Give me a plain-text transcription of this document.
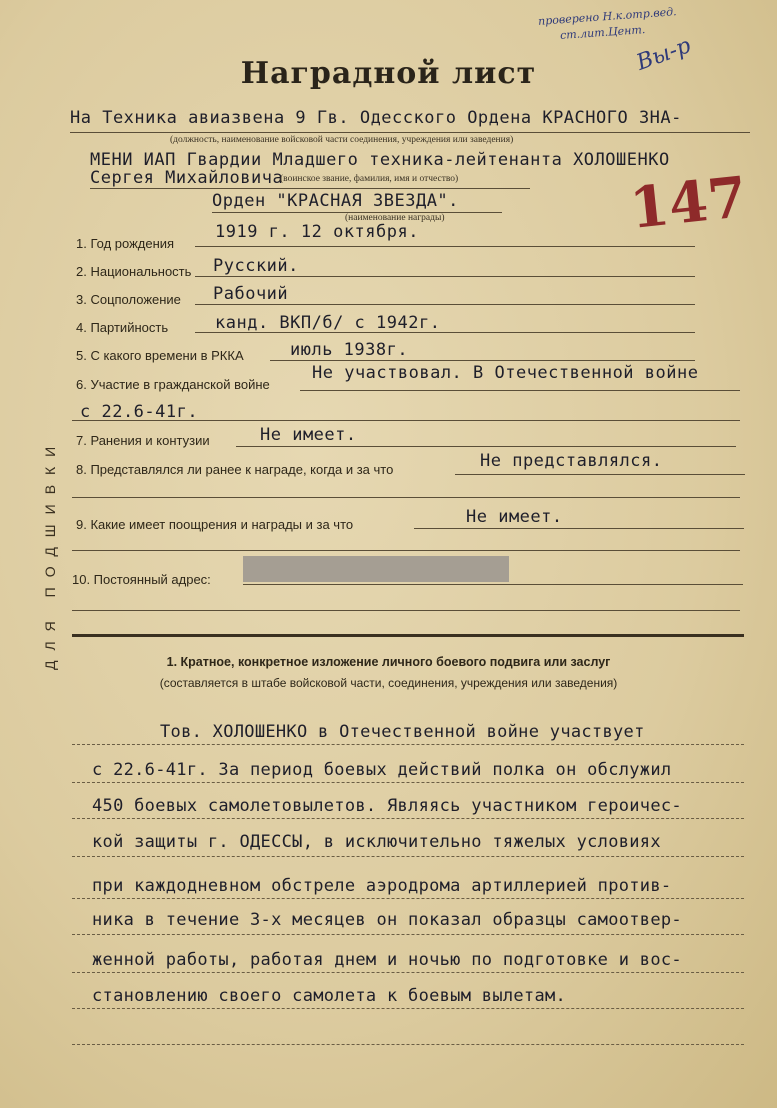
проверено Н.к.отр.вед.
ст.лит.Цент.
Вы-р
Наградной лист
147
На Техника авиазвена 9 Гв. Одесского Ордена КРАСНОГО ЗНА-
(должность, наименование войсковой части соединения, учреждения или заведения)
МЕНИ ИАП Гвардии Младшего техника-лейтенанта ХОЛОШЕНКО
Сергея Михайловича
(воинское звание, фамилия, имя и отчество)
Орден "КРАСНАЯ ЗВЕЗДА".
(наименование награды)
1. Год рождения
1919 г. 12 октября.
2. Национальность Русский.
3. Соцположение Рабочий
4. Партийность	канд. ВКП/б/ с 1942г.
5. С какого времени в РККА	июль 1938г.
6. Участие в гражданской войне
Не участвовал. В Отечественной войне
с 22.6-41г.
7. Ранения и контузии	Не имеет.
8. Представлялся ли ранее к награде, когда и за что	Не представлялся.
9. Какие имеет поощрения и награды и за что	Не имеет.
10. Постоянный адрес:
1. Кратное, конкретное изложение личного боевого подвига или заслуг
(составляется в штабе войсковой части, соединения, учреждения или заведения)
Тов. ХОЛОШЕНКО в Отечественной войне участвует
с 22.6-41г. За период боевых действий полка он обслужил
450 боевых самолетовылетов. Являясь участником героичес-
кой защиты г. ОДЕССЫ, в исключительно тяжелых условиях
при каждодневном обстреле аэродрома артиллерией против-
ника в течение 3-х месяцев он показал образцы самоотвер-
женной работы, работая днем и ночью по подготовке и вос-
становлению своего самолета к боевым вылетам.
ДЛЯ ПОДШИВКИ
